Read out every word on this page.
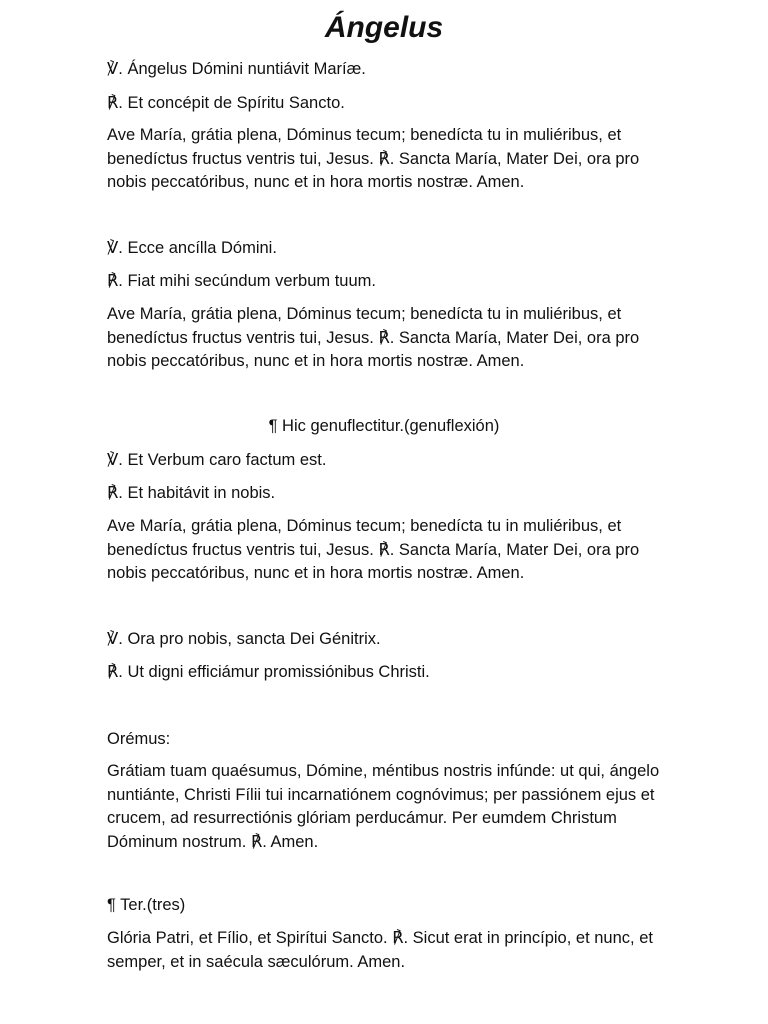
Ángelus

℣. Ángelus Dómini nuntiávit Maríæ.

℟. Et concépit de Spíritu Sancto.

Ave María, grátia plena, Dóminus tecum; benedícta tu in muliéribus, et benedíctus fructus ventris tui, Jesus. ℟. Sancta María, Mater Dei, ora pro nobis peccatóribus, nunc et in hora mortis nostræ. Amen.

℣. Ecce ancílla Dómini.

℟. Fiat mihi secúndum verbum tuum.

Ave María, grátia plena, Dóminus tecum; benedícta tu in muliéribus, et benedíctus fructus ventris tui, Jesus. ℟. Sancta María, Mater Dei, ora pro nobis peccatóribus, nunc et in hora mortis nostræ. Amen.

¶ Hic genuflectitur.(genuflexión)

℣. Et Verbum caro factum est.

℟. Et habitávit in nobis.

Ave María, grátia plena, Dóminus tecum; benedícta tu in muliéribus, et benedíctus fructus ventris tui, Jesus. ℟. Sancta María, Mater Dei, ora pro nobis peccatóribus, nunc et in hora mortis nostræ. Amen.

℣. Ora pro nobis, sancta Dei Génitrix.

℟. Ut digni efficiámur promissiónibus Christi.

Orémus:

Grátiam tuam quaésumus, Dómine, méntibus nostris infúnde: ut qui, ángelo nuntiánte, Christi Fílii tui incarnatiónem cognóvimus; per passiónem ejus et crucem, ad resurrectiónis glóriam perducámur. Per eumdem Christum Dóminum nostrum. ℟. Amen.

¶ Ter.(tres)

Glória Patri, et Fílio, et Spirítui Sancto. ℟. Sicut erat in princípio, et nunc, et semper, et in saécula sæculórum. Amen.
